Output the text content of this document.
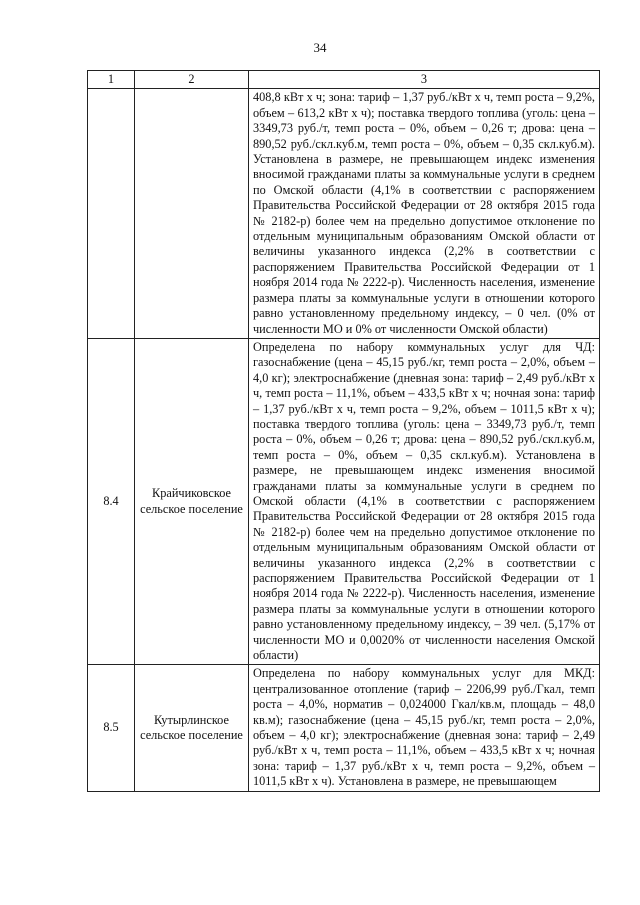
34
1	2	3
		408,8 кВт х ч; зона: тариф – 1,37 руб./кВт х ч, темп роста – 9,2%, объем – 613,2 кВт х ч); поставка твердого топлива (уголь: цена – 3349,73 руб./т, темп роста – 0%, объем – 0,26 т; дрова: цена – 890,52 руб./скл.куб.м, темп роста – 0%, объем – 0,35 скл.куб.м). Установлена в размере, не превышающем индекс изменения вносимой гражданами платы за коммунальные услуги в среднем по Омской области (4,1% в соответствии с распоряжением Правительства Российской Федерации от 28 октября 2015 года № 2182-р) более чем на предельно допустимое отклонение по отдельным муниципальным образованиям Омской области от величины указанного индекса (2,2% в соответствии с распоряжением Правительства Российской Федерации от 1 ноября 2014 года № 2222-р). Численность населения, изменение размера платы за коммунальные услуги в отношении которого равно установленному предельному индексу, – 0 чел. (0% от численности МО и 0% от численности Омской области)
8.4	Крайчиковское сельское поселение	Определена по набору коммунальных услуг для ЧД: газоснабжение (цена – 45,15 руб./кг, темп роста – 2,0%, объем – 4,0 кг); электроснабжение (дневная зона: тариф – 2,49 руб./кВт х ч, темп роста – 11,1%, объем – 433,5 кВт х ч; ночная зона: тариф – 1,37 руб./кВт х ч, темп роста – 9,2%, объем – 1011,5 кВт х ч); поставка твердого топлива (уголь: цена – 3349,73 руб./т, темп роста – 0%, объем – 0,26 т; дрова: цена – 890,52 руб./скл.куб.м, темп роста – 0%, объем – 0,35 скл.куб.м). Установлена в размере, не превышающем индекс изменения вносимой гражданами платы за коммунальные услуги в среднем по Омской области (4,1% в соответствии с распоряжением Правительства Российской Федерации от 28 октября 2015 года № 2182-р) более чем на предельно допустимое отклонение по отдельным муниципальным образованиям Омской области от величины указанного индекса (2,2% в соответствии с распоряжением Правительства Российской Федерации от 1 ноября 2014 года № 2222-р). Численность населения, изменение размера платы за коммунальные услуги в отношении которого равно установленному предельному индексу, – 39 чел. (5,17% от численности МО и 0,0020% от численности населения Омской области)
8.5	Кутырлинское сельское поселение	Определена по набору коммунальных услуг для МКД: централизованное отопление (тариф – 2206,99 руб./Гкал, темп роста – 4,0%, норматив – 0,024000 Гкал/кв.м, площадь – 48,0 кв.м); газоснабжение (цена – 45,15 руб./кг, темп роста – 2,0%, объем – 4,0 кг); электроснабжение (дневная зона: тариф – 2,49 руб./кВт х ч, темп роста – 11,1%, объем – 433,5 кВт х ч; ночная зона: тариф – 1,37 руб./кВт х ч, темп роста – 9,2%, объем – 1011,5 кВт х ч). Установлена в размере, не превышающем
